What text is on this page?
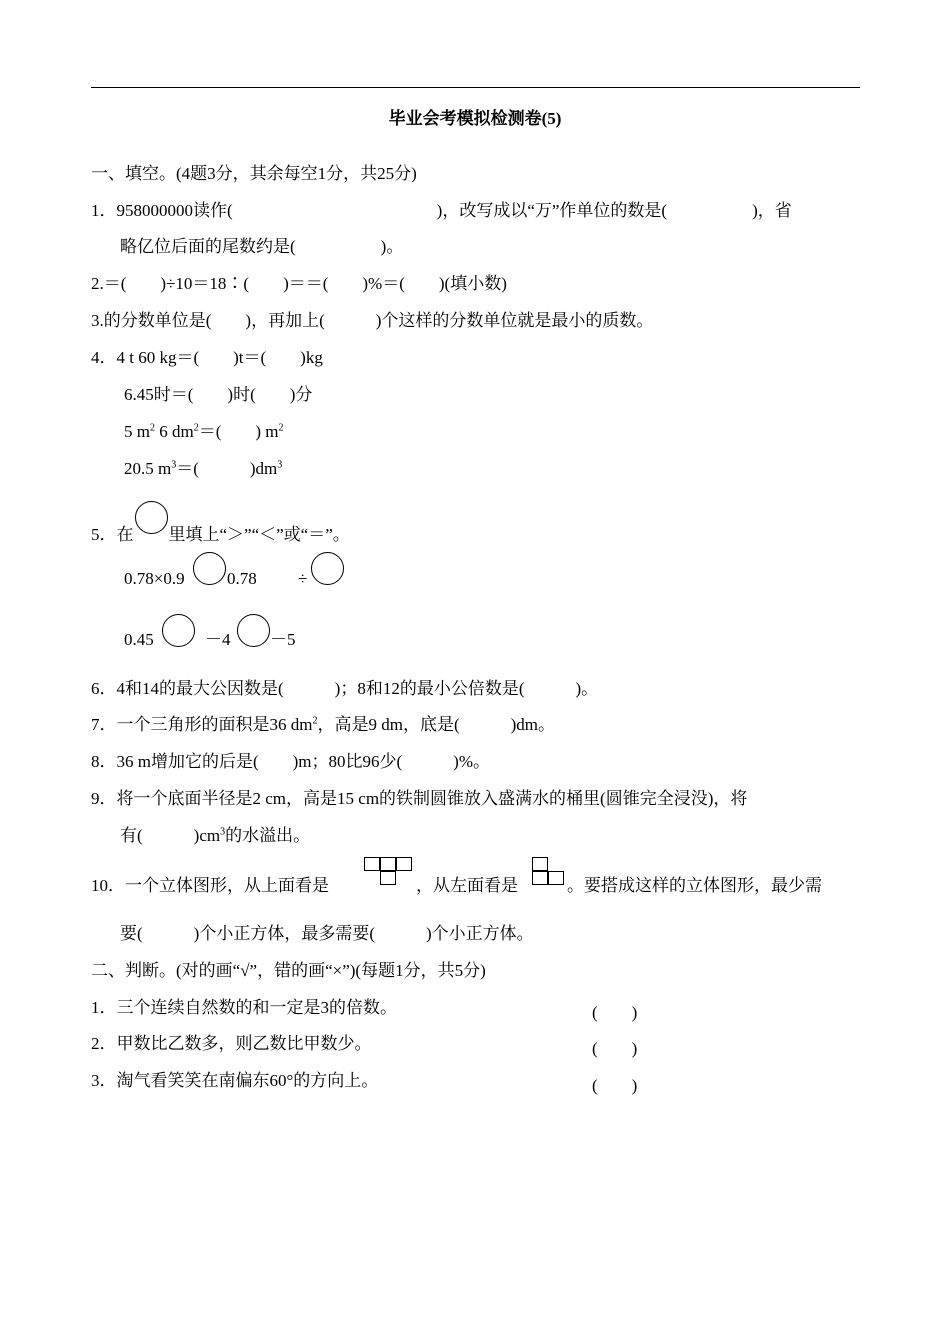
毕业会考模拟检测卷(5)
一、填空。(4题3分，其余每空1分，共25分)
1．958000000读作(　　　　　　　　　　　　)，改写成以“万”作单位的数是(　　　　　)，省
略亿位后面的尾数约是(　　　　　)。
2.＝(　　)÷10＝18∶(　　)＝＝(　　)%＝(　　)(填小数)
3.的分数单位是(　　)，再加上(　　　)个这样的分数单位就是最小的质数。
4．4 t 60 kg＝(　　)t＝(　　)kg
6.45时＝(　　)时(　　)分
5 $m^2$ 6 $dm^2=$(　　) $m^2$
20.5 $m^3=$(　　　)$dm^3$
5．在 里填上“＞”“＜”或“＝”。
0.78×0.9 0.78 ÷
0.45	－4 －5
6．4和14的最大公因数是(　　　)；8和12的最小公倍数是(　　　)。
7．一个三角形的面积是36 $dm^2$，高是9 dm，底是(　　　)dm。
8．36 m增加它的后是(　　)m；80比96少(　　　)%。
9．将一个底面半径是2 cm，高是15 cm的铁制圆锥放入盛满水的桶里(圆锥完全浸没)，将
有(　　　)$cm^3$的水溢出。
10．一个立体图形，从上面看是	，从左面看是	。要搭成这样的立体图形，最少需
要(　　　)个小正方体，最多需要(　　　)个小正方体。
二、判断。(对的画“√”，错的画“×”)(每题1分，共5分)
1．三个连续自然数的和一定是3的倍数。	(　　)
2．甲数比乙数多，则乙数比甲数少。	(　　)
3．淘气看笑笑在南偏东60°的方向上。	(　　)
